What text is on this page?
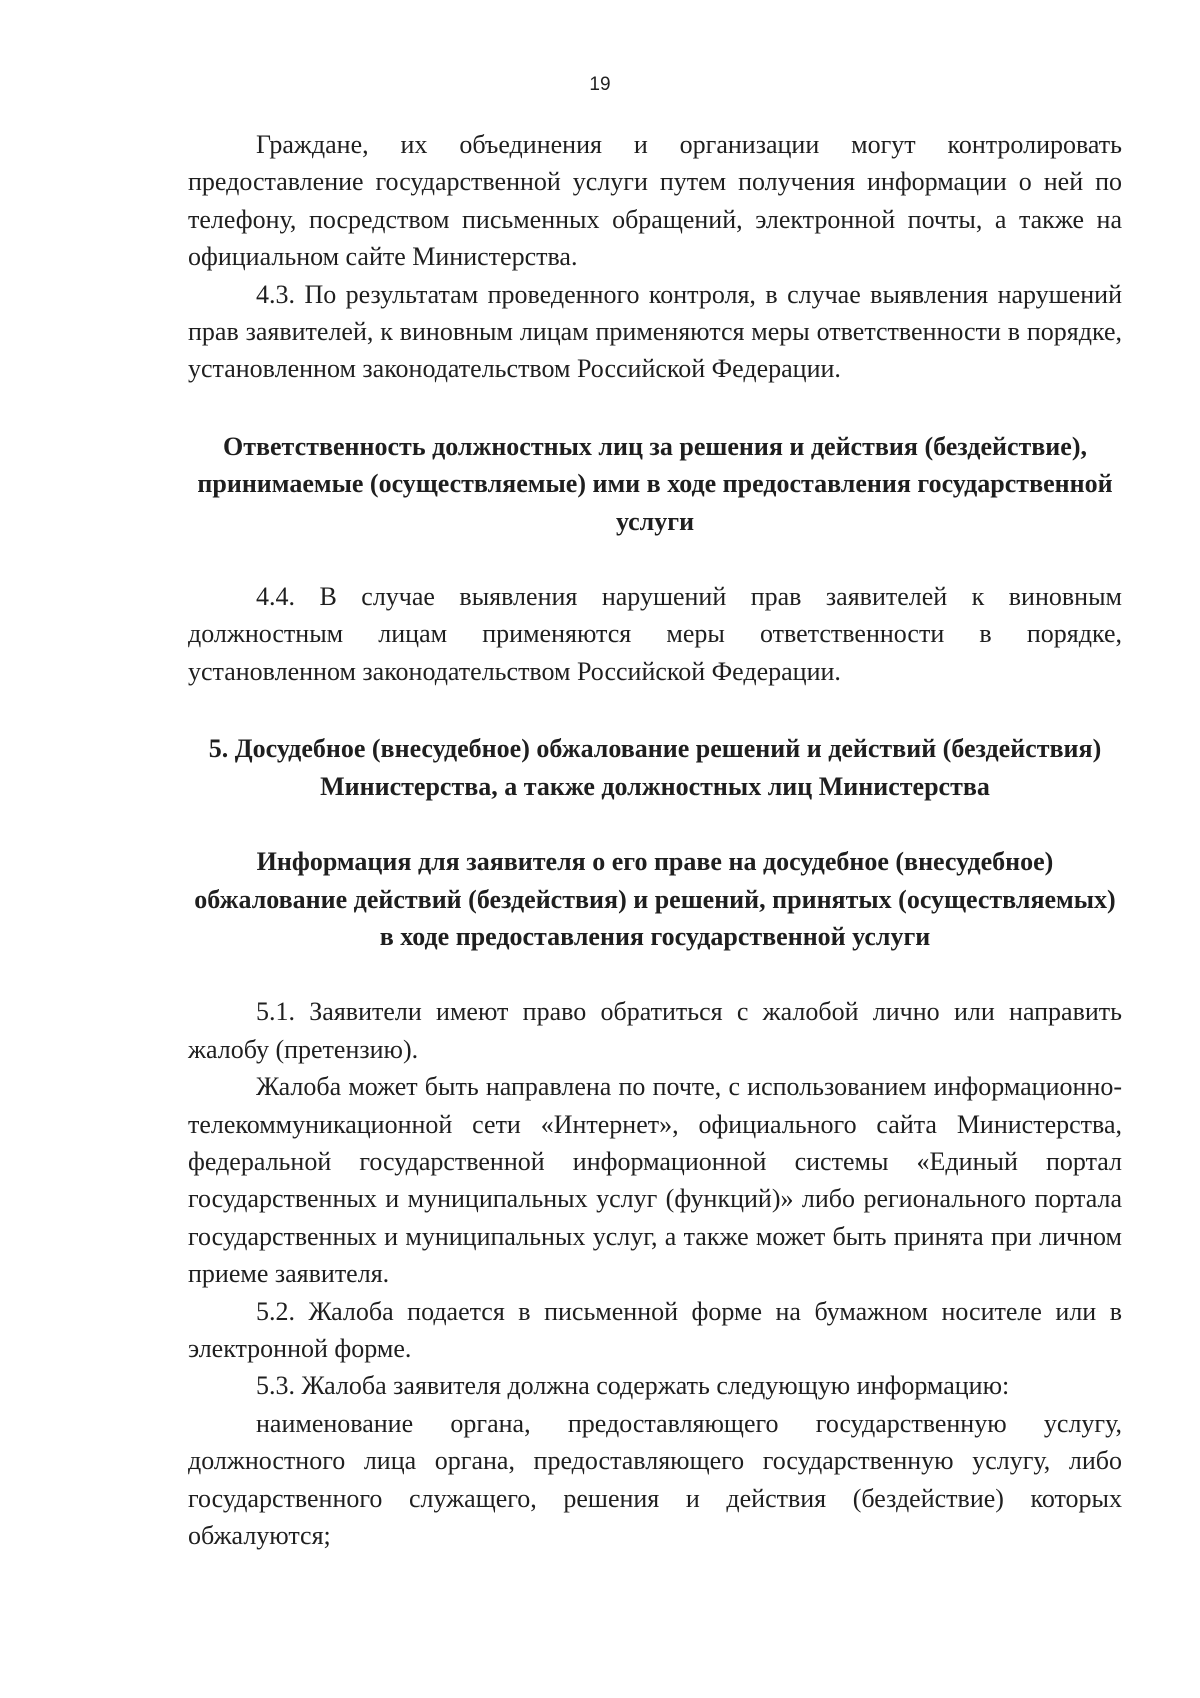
19

Граждане, их объединения и организации могут контролировать предоставление государственной услуги путем получения информации о ней по телефону, посредством письменных обращений, электронной почты, а также на официальном сайте Министерства.

4.3. По результатам проведенного контроля, в случае выявления нарушений прав заявителей, к виновным лицам применяются меры ответственности в порядке, установленном законодательством Российской Федерации.

Ответственность должностных лиц за решения и действия (бездействие), принимаемые (осуществляемые) ими в ходе предоставления государственной услуги

4.4. В случае выявления нарушений прав заявителей к виновным должностным лицам применяются меры ответственности в порядке, установленном законодательством Российской Федерации.

5. Досудебное (внесудебное) обжалование решений и действий (бездействия) Министерства, а также должностных лиц Министерства
Информация для заявителя о его праве на досудебное (внесудебное) обжалование действий (бездействия) и решений, принятых (осуществляемых) в ходе предоставления государственной услуги

5.1. Заявители имеют право обратиться с жалобой лично или направить жалобу (претензию).

Жалоба может быть направлена по почте, с использованием информационно-телекоммуникационной сети «Интернет», официального сайта Министерства, федеральной государственной информационной системы «Единый портал государственных и муниципальных услуг (функций)» либо регионального портала государственных и муниципальных услуг, а также может быть принята при личном приеме заявителя.

5.2. Жалоба подается в письменной форме на бумажном носителе или в электронной форме.

5.3. Жалоба заявителя должна содержать следующую информацию:

наименование органа, предоставляющего государственную услугу, должностного лица органа, предоставляющего государственную услугу, либо государственного служащего, решения и действия (бездействие) которых обжалуются;
